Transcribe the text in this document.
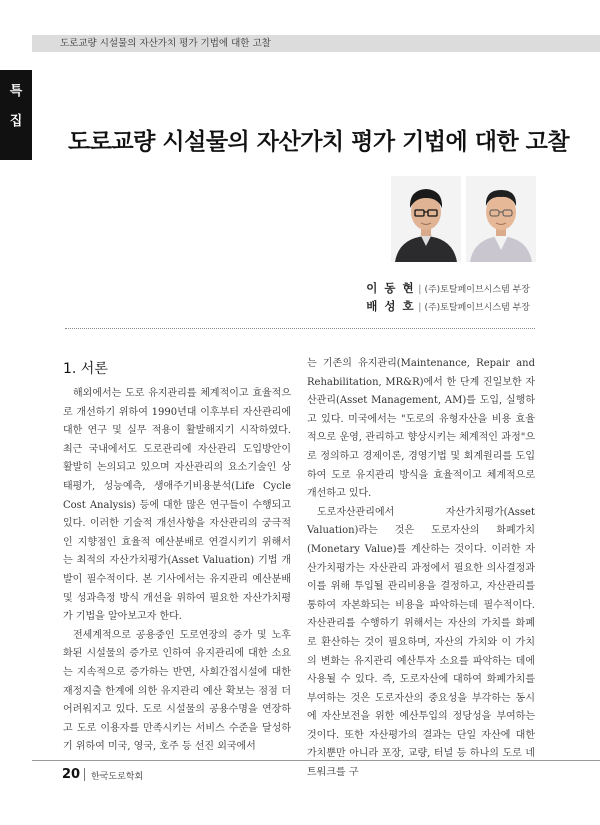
도로교량 시설물의 자산가치 평가 기법에 대한 고찰
특
집
도로교량 시설물의 자산가치 평가 기법에 대한 고찰
이 동 현 | (주)토탈페이브시스템 부장
배 성 호 | (주)토탈페이브시스템 부장
1. 서론

해외에서는 도로 유지관리를 체계적이고 효율적으로 개선하기 위하여 1990년대 이후부터 자산관리에 대한 연구 및 실무 적용이 활발해지기 시작하였다. 최근 국내에서도 도로관리에 자산관리 도입방안이 활발히 논의되고 있으며 자산관리의 요소기술인 상태평가, 성능예측, 생애주기비용분석(Life Cycle Cost Analysis) 등에 대한 많은 연구들이 수행되고 있다. 이러한 기술적 개선사항을 자산관리의 궁극적인 지향점인 효율적 예산분배로 연결시키기 위해서는 최적의 자산가치평가(Asset Valuation) 기법 개발이 필수적이다. 본 기사에서는 유지관리 예산분배 및 성과측정 방식 개선을 위하여 필요한 자산가치평가 기법을 알아보고자 한다.

전세계적으로 공용중인 도로연장의 증가 및 노후화된 시설물의 증가로 인하여 유지관리에 대한 소요는 지속적으로 증가하는 반면, 사회간접시설에 대한 재정지출 한계에 의한 유지관리 예산 확보는 점점 더 어려워지고 있다. 도로 시설물의 공용수명을 연장하고 도로 이용자를 만족시키는 서비스 수준을 달성하기 위하여 미국, 영국, 호주 등 선진 외국에서

는 기존의 유지관리(Maintenance, Repair and Rehabilitation, MR&R)에서 한 단계 진일보한 자산관리(Asset Management, AM)를 도입, 실행하고 있다. 미국에서는 "도로의 유형자산을 비용 효율적으로 운영, 관리하고 향상시키는 체계적인 과정"으로 정의하고 경제이론, 경영기법 및 회계원리를 도입하여 도로 유지관리 방식을 효율적이고 체계적으로 개선하고 있다.

도로자산관리에서 자산가치평가(Asset Valuation)라는 것은 도로자산의 화폐가치(Monetary Value)를 계산하는 것이다. 이러한 자산가치평가는 자산관리 과정에서 필요한 의사결정과 이를 위해 투입될 관리비용을 결정하고, 자산관리를 통하여 자본화되는 비용을 파악하는데 필수적이다. 자산관리를 수행하기 위해서는 자산의 가치를 화폐로 환산하는 것이 필요하며, 자산의 가치와 이 가치의 변화는 유지관리 예산투자 소요를 파악하는 데에 사용될 수 있다. 즉, 도로자산에 대하여 화폐가치를 부여하는 것은 도로자산의 중요성을 부각하는 동시에 자산보전을 위한 예산투입의 정당성을 부여하는 것이다. 또한 자산평가의 결과는 단일 자산에 대한 가치뿐만 아니라 포장, 교량, 터널 등 하나의 도로 네트워크를 구

20 한국도로학회
